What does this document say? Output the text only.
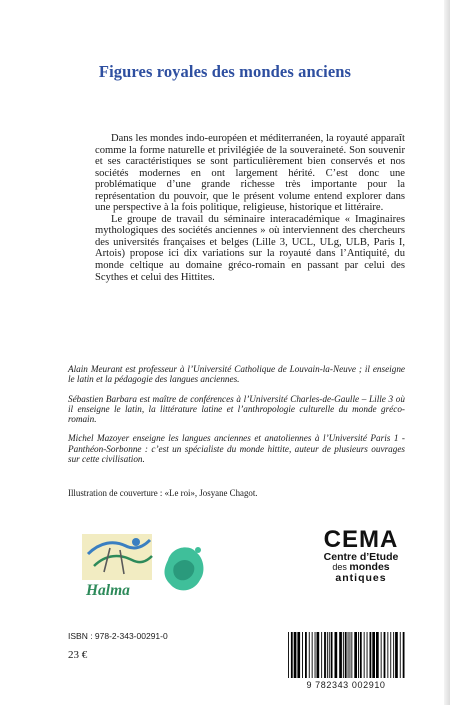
Figures royales des mondes anciens

Dans les mondes indo-européen et méditerranéen, la royauté apparaît comme la forme naturelle et privilégiée de la souveraineté. Son souvenir et ses caractéristiques se sont particulièrement bien conservés et nos sociétés modernes en ont largement hérité. C’est donc une problématique d’une grande richesse très importante pour la représentation du pouvoir, que le présent volume entend explorer dans une perspective à la fois politique, religieuse, historique et littéraire.

Le groupe de travail du séminaire interacadémique « Imaginaires mythologiques des sociétés anciennes » où interviennent des chercheurs des universités françaises et belges (Lille 3, UCL, ULg, ULB, Paris I, Artois) propose ici dix variations sur la royauté dans l’Antiquité, du monde celtique au domaine gréco-romain en passant par celui des Scythes et celui des Hittites.

Alain Meurant est professeur à l’Université Catholique de Louvain-la-Neuve ; il enseigne le latin et la pédagogie des langues anciennes.

Sébastien Barbara est maître de conférences à l’Université Charles-de-Gaulle – Lille 3 où il enseigne le latin, la littérature latine et l’anthropologie culturelle du monde gréco-romain.

Michel Mazoyer enseigne les langues anciennes et anatoliennes à l’Université Paris 1 - Panthéon-Sorbonne : c’est un spécialiste du monde hittite, auteur de plusieurs ouvrages sur cette civilisation.

Illustration de couverture : «Le roi», Josyane Chagot.
Halma
CEMA
Centre d’Etude
des mondes
antiques
ISBN : 978-2-343-00291-0
23 €
9 782343 002910
